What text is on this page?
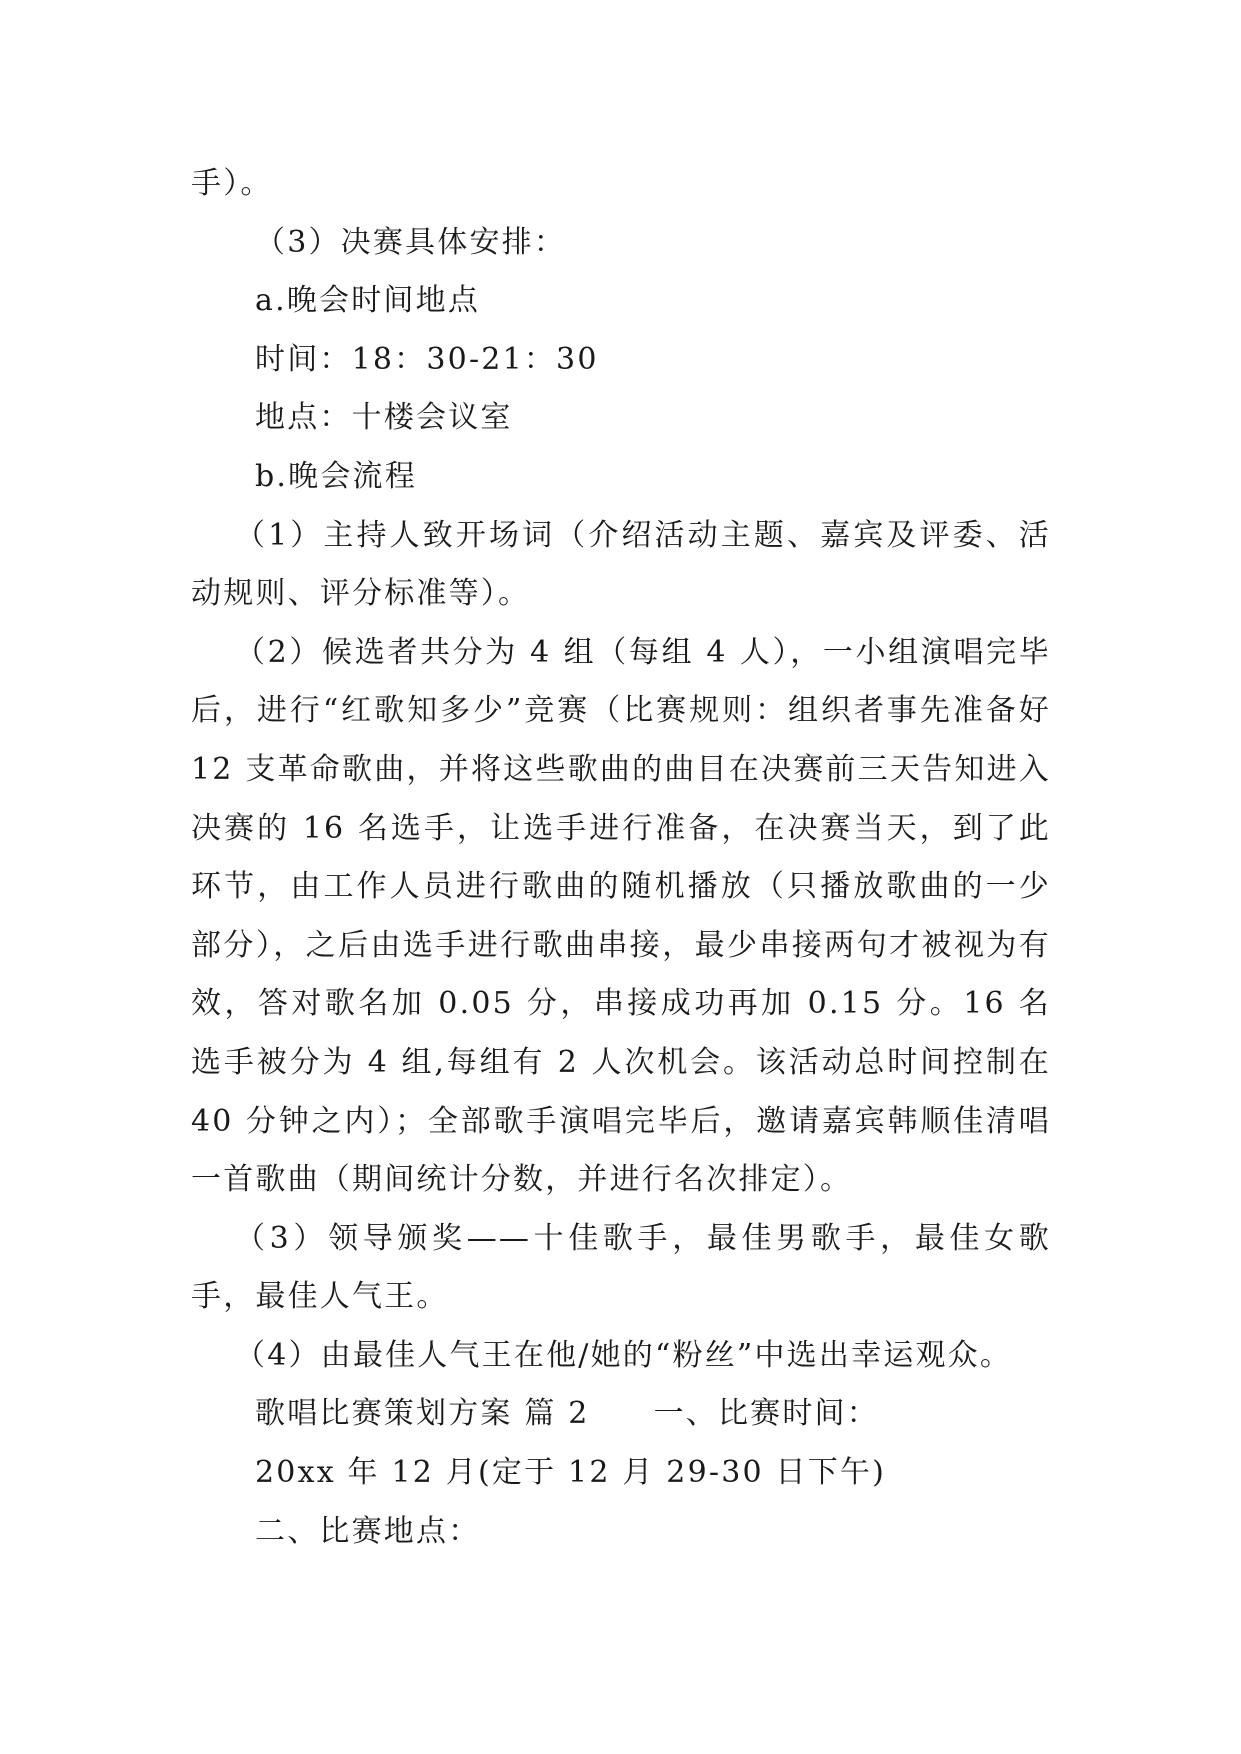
手）。

（3）决赛具体安排：

a.晚会时间地点

时间：18：30-21：30

地点：十楼会议室

b.晚会流程

（1）主持人致开场词（介绍活动主题、嘉宾及评委、活动规则、评分标准等）。

（2）候选者共分为 4 组（每组 4 人），一小组演唱完毕后，进行“红歌知多少”竞赛（比赛规则：组织者事先准备好 12 支革命歌曲，并将这些歌曲的曲目在决赛前三天告知进入决赛的 16 名选手，让选手进行准备，在决赛当天，到了此环节，由工作人员进行歌曲的随机播放（只播放歌曲的一少部分），之后由选手进行歌曲串接，最少串接两句才被视为有效，答对歌名加 0.05 分，串接成功再加 0.15 分。16 名选手被分为 4 组,每组有 2 人次机会。该活动总时间控制在 40 分钟之内）；全部歌手演唱完毕后，邀请嘉宾韩顺佳清唱一首歌曲（期间统计分数，并进行名次排定）。

（3）领导颁奖——十佳歌手，最佳男歌手，最佳女歌手，最佳人气王。

（4）由最佳人气王在他/她的“粉丝”中选出幸运观众。

歌唱比赛策划方案 篇 2 一、比赛时间：

20xx 年 12 月(定于 12 月 29-30 日下午)

二、比赛地点：
